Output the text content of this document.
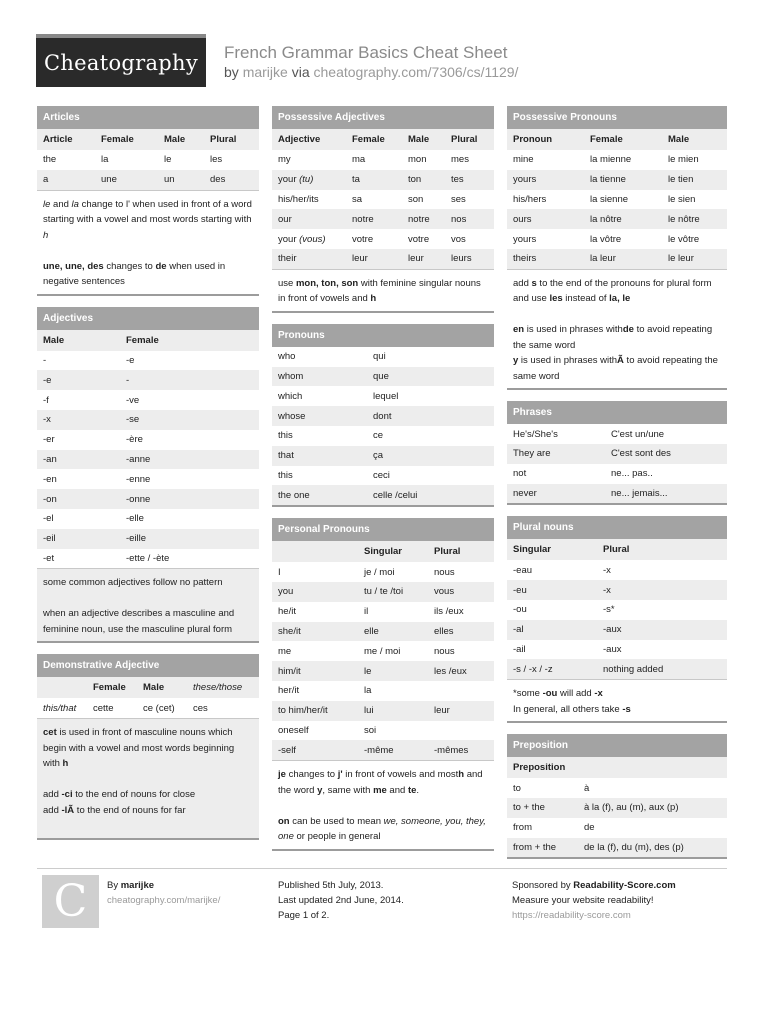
Cheatography	French Grammar Basics Cheat Sheet
by marijke via cheatography.com/7306/cs/1129/
Articles
Article	Female	Male	Plural
the	la	le	les
a	une	un	des
le and la change to l' when used in front of a word starting with a vowel and most words starting with h
une, une, des changes to de when used in negative sentences
Adjectives
Male	Female
-	-e
-e	-
-f	-ve
-x	-se
-er	-ère
-an	-anne
-en	-enne
-on	-onne
-el	-elle
-eil	-eille
-et	-ette / -ète
some common adjectives follow no pattern
when an adjective describes a masculine and feminine noun, use the masculine plural form
Demonstrative Adjective
	Female	Male	these/those
this/that	cette	ce (cet)	ces
cet is used in front of masculine nouns which begin with a vowel and most words beginning with h
add -ci to the end of nouns for close
add -lÃ to the end of nouns for far
Possessive Adjectives
Adjective	Female	Male	Plural
my	ma	mon	mes
your (tu)	ta	ton	tes
his/her/its	sa	son	ses
our	notre	notre	nos
your (vous)	votre	votre	vos
their	leur	leur	leurs
use mon, ton, son with feminine singular nouns in front of vowels and h
Pronouns
who	qui
whom	que
which	lequel
whose	dont
this	ce
that	ça
this	ceci
the one	celle /celui
Personal Pronouns
	Singular	Plural
I	je / moi	nous
you	tu / te /toi	vous
he/it	il	ils /eux
she/it	elle	elles
me	me / moi	nous
him/it	le	les /eux
her/it	la	
to him/her/it	lui	leur
oneself	soi	
-self	-même	-mêmes
je changes to j' in front of vowels and mosth and the word y, same with me and te.
on can be used to mean we, someone, you, they, one or people in general
Possessive Pronouns
Pronoun	Female	Male
mine	la mienne	le mien
yours	la tienne	le tien
his/hers	la sienne	le sien
ours	la nôtre	le nôtre
yours	la vôtre	le vôtre
theirs	la leur	le leur
add s to the end of the pronouns for plural form and use les instead of la, le
en is used in phrases withde to avoid repeating the same word
y is used in phrases withÃ to avoid repeating the same word
Phrases
He's/She's	C'est un/une
They are	C'est sont des
not	ne... pas..
never	ne... jemais...
Plural nouns
Singular	Plural
-eau	-x
-eu	-x
-ou	-s*
-al	-aux
-ail	-aux
-s / -x / -z	nothing added
*some -ou will add -x
In general, all others take -s
Preposition
Preposition	
to	à
to + the	à la (f), au (m), aux (p)
from	de
from + the	de la (f), du (m), des (p)
C	By marijke
cheatography.com/marijke/
Published 5th July, 2013.
Last updated 2nd June, 2014.
Page 1 of 2.
Sponsored by Readability-Score.com
Measure your website readability!
https://readability-score.com
